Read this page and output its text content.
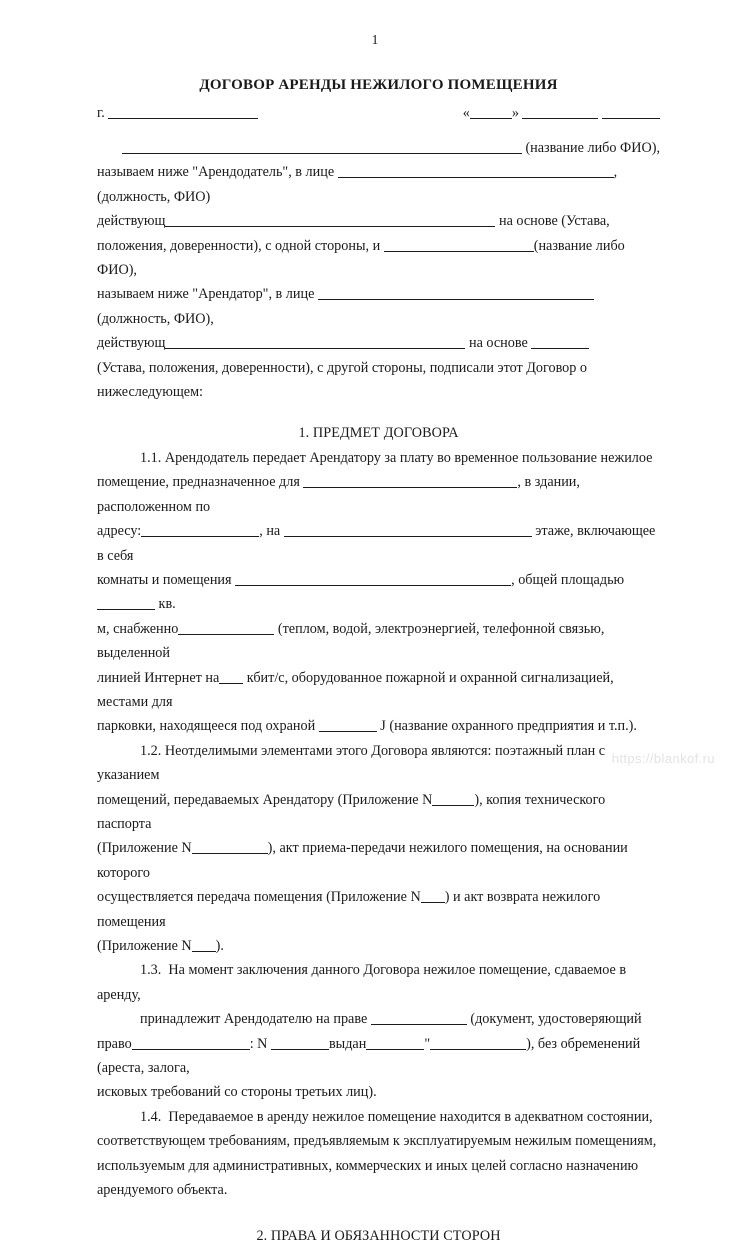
1
ДОГОВОР АРЕНДЫ НЕЖИЛОГО ПОМЕЩЕНИЯ
г.	«	»

(название либо ФИО),

называем ниже "Арендодатель", в лице	, (должность, ФИО)

действующ	на основе (Устава,

положения, доверенности), с одной стороны, и	(название либо ФИО),

называем ниже "Арендатор", в лице  (должность, ФИО),

действующ	на основе

(Устава, положения, доверенности), с другой стороны, подписали этот Договор о

нижеследующем:

1. ПРЕДМЕТ ДОГОВОРА

1.1. Арендодатель передает Арендатору за плату во временное пользование нежилое

помещение, предназначенное для	, в здании, расположенном по

адресу:	, на	этаже, включающее в себя

комнаты и помещения	, общей площадью  кв.

м, снабженно	(теплом, водой, электроэнергией, телефонной связью, выделенной

линией Интернет на кбит/с, оборудованное пожарной и охранной сигнализацией, местами для

парковки, находящееся под охраной	J (название охранного предприятия и т.п.).

1.2. Неотделимыми элементами этого Договора являются: поэтажный план с указанием

помещений, передаваемых Арендатору (Приложение N	), копия технического паспорта

(Приложение N	), акт приема-передачи нежилого помещения, на основании которого

осуществляется передача помещения (Приложение N ) и акт возврата нежилого помещения

(Приложение N ).

1.3. На момент заключения данного Договора нежилое помещение, сдаваемое в аренду,

принадлежит Арендодателю на праве	(документ, удостоверяющий

право	: N	выдан	"	), без обременений (ареста, залога,

исковых требований со стороны третьих лиц).

1.4. Передаваемое в аренду нежилое помещение находится в адекватном состоянии,

соответствующем требованиям, предъявляемым к эксплуатируемым нежилым помещениям,

используемым для административных, коммерческих и иных целей согласно назначению

арендуемого объекта.

2. ПРАВА И ОБЯЗАННОСТИ СТОРОН
https://blankof.ru
